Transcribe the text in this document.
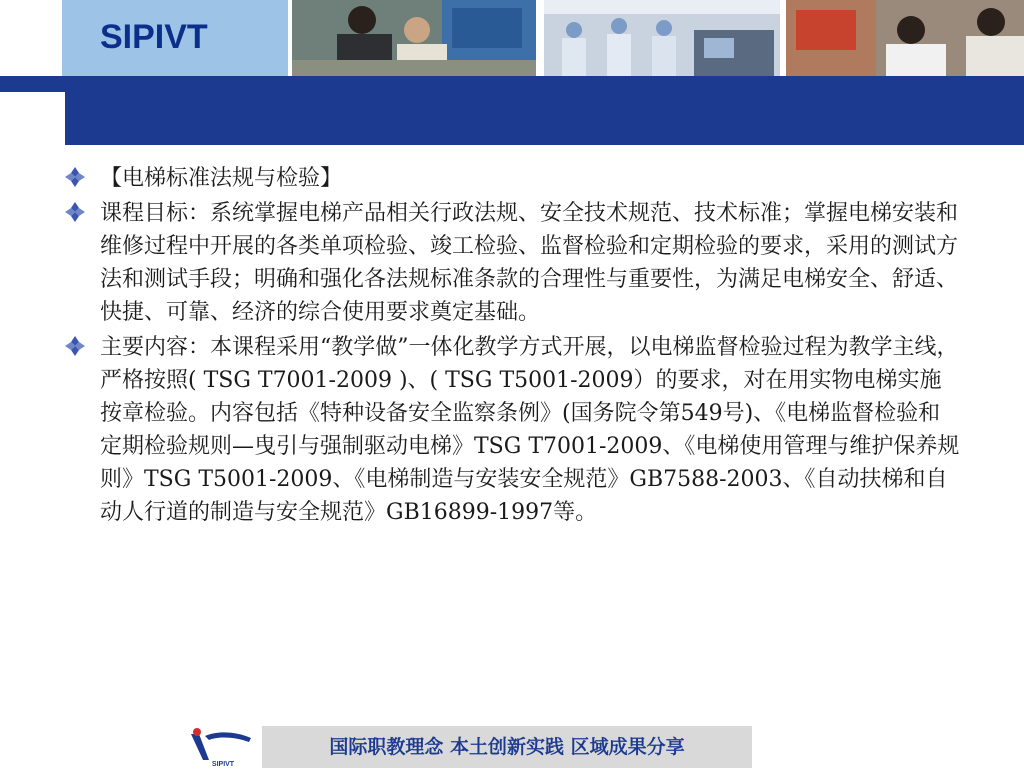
SIPIVT
【电梯标准法规与检验】
课程目标：系统掌握电梯产品相关行政法规、安全技术规范、技术标准；掌握电梯安装和维修过程中开展的各类单项检验、竣工检验、监督检验和定期检验的要求，采用的测试方法和测试手段；明确和强化各法规标准条款的合理性与重要性，为满足电梯安全、舒适、快捷、可靠、经济的综合使用要求奠定基础。
主要内容：本课程采用“教学做”一体化教学方式开展，以电梯监督检验过程为教学主线，严格按照( TSG T7001-2009 )、( TSG T5001-2009）的要求，对在用实物电梯实施按章检验。内容包括《特种设备安全监察条例》(国务院令第549号)、《电梯监督检验和定期检验规则—曳引与强制驱动电梯》TSG T7001-2009、《电梯使用管理与维护保养规则》TSG T5001-2009、《电梯制造与安装安全规范》GB7588-2003、《自动扶梯和自动人行道的制造与安全规范》GB16899-1997等。
SIPIVT
国际职教理念 本土创新实践 区域成果分享
